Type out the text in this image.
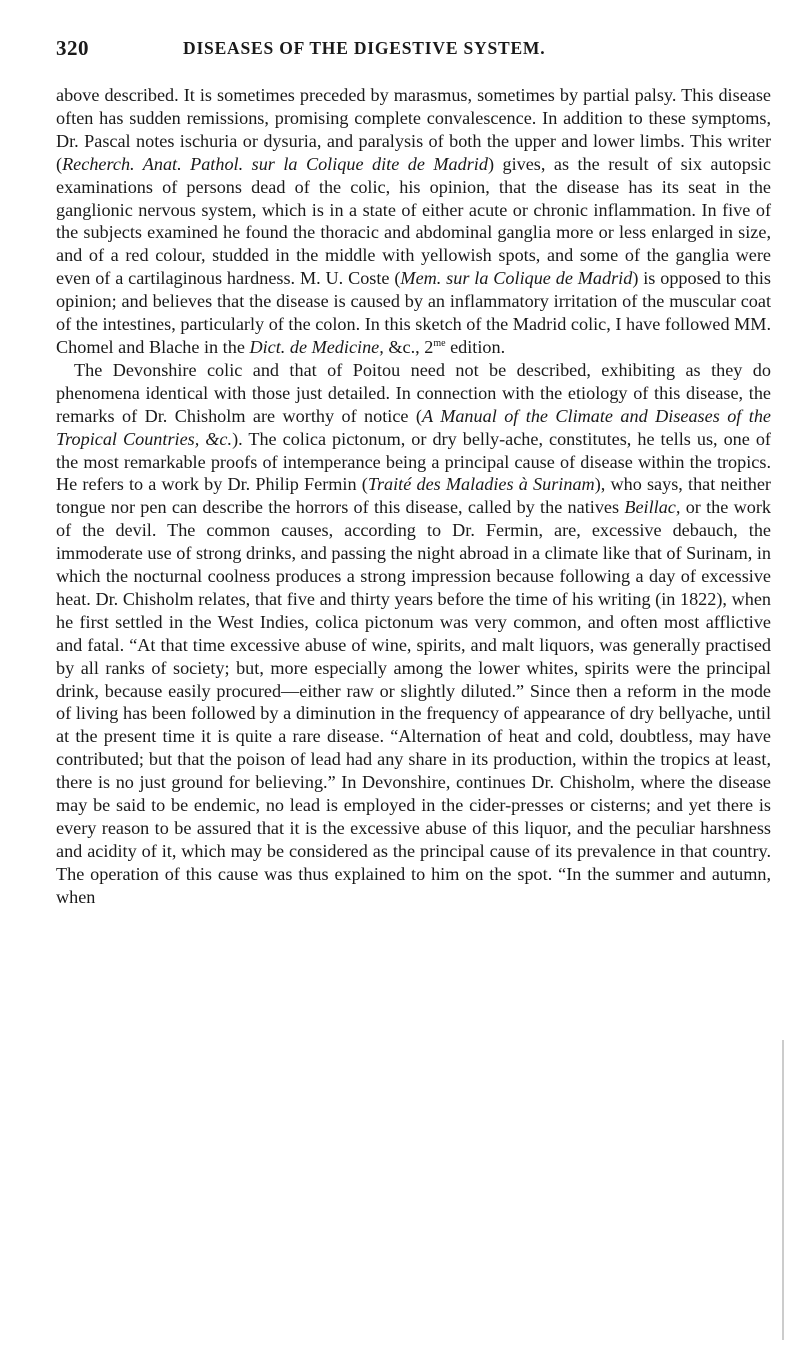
320	DISEASES OF THE DIGESTIVE SYSTEM.

above described. It is sometimes preceded by marasmus, sometimes by partial palsy. This disease often has sudden remissions, promising complete convalescence. In addition to these symptoms, Dr. Pascal notes ischuria or dysuria, and paralysis of both the upper and lower limbs. This writer (Recherch. Anat. Pathol. sur la Colique dite de Madrid) gives, as the result of six autopsic examinations of persons dead of the colic, his opinion, that the disease has its seat in the ganglionic nervous system, which is in a state of either acute or chronic inflammation. In five of the subjects examined he found the thoracic and abdominal ganglia more or less enlarged in size, and of a red colour, studded in the middle with yellowish spots, and some of the ganglia were even of a cartilaginous hardness. M. U. Coste (Mem. sur la Colique de Madrid) is opposed to this opinion; and believes that the disease is caused by an inflammatory irritation of the muscular coat of the intestines, particularly of the colon. In this sketch of the Madrid colic, I have followed MM. Chomel and Blache in the Dict. de Medicine, &c., $2^{me}$ edition.

The Devonshire colic and that of Poitou need not be described, exhibiting as they do phenomena identical with those just detailed. In connection with the etiology of this disease, the remarks of Dr. Chisholm are worthy of notice (A Manual of the Climate and Diseases of the Tropical Countries, &c.). The colica pictonum, or dry belly-ache, constitutes, he tells us, one of the most remarkable proofs of intemperance being a principal cause of disease within the tropics. He refers to a work by Dr. Philip Fermin (Traité des Maladies à Surinam), who says, that neither tongue nor pen can describe the horrors of this disease, called by the natives Beillac, or the work of the devil. The common causes, according to Dr. Fermin, are, excessive debauch, the immoderate use of strong drinks, and passing the night abroad in a climate like that of Surinam, in which the nocturnal coolness produces a strong impression because following a day of excessive heat. Dr. Chisholm relates, that five and thirty years before the time of his writing (in 1822), when he first settled in the West Indies, colica pictonum was very common, and often most afflictive and fatal. “At that time excessive abuse of wine, spirits, and malt liquors, was generally practised by all ranks of society; but, more especially among the lower whites, spirits were the principal drink, because easily procured—either raw or slightly diluted.” Since then a reform in the mode of living has been followed by a diminution in the frequency of appearance of dry bellyache, until at the present time it is quite a rare disease. “Alternation of heat and cold, doubtless, may have contributed; but that the poison of lead had any share in its production, within the tropics at least, there is no just ground for believing.” In Devonshire, continues Dr. Chisholm, where the disease may be said to be endemic, no lead is employed in the cider-presses or cisterns; and yet there is every reason to be assured that it is the excessive abuse of this liquor, and the peculiar harshness and acidity of it, which may be considered as the principal cause of its prevalence in that country. The operation of this cause was thus explained to him on the spot. “In the summer and autumn, when
